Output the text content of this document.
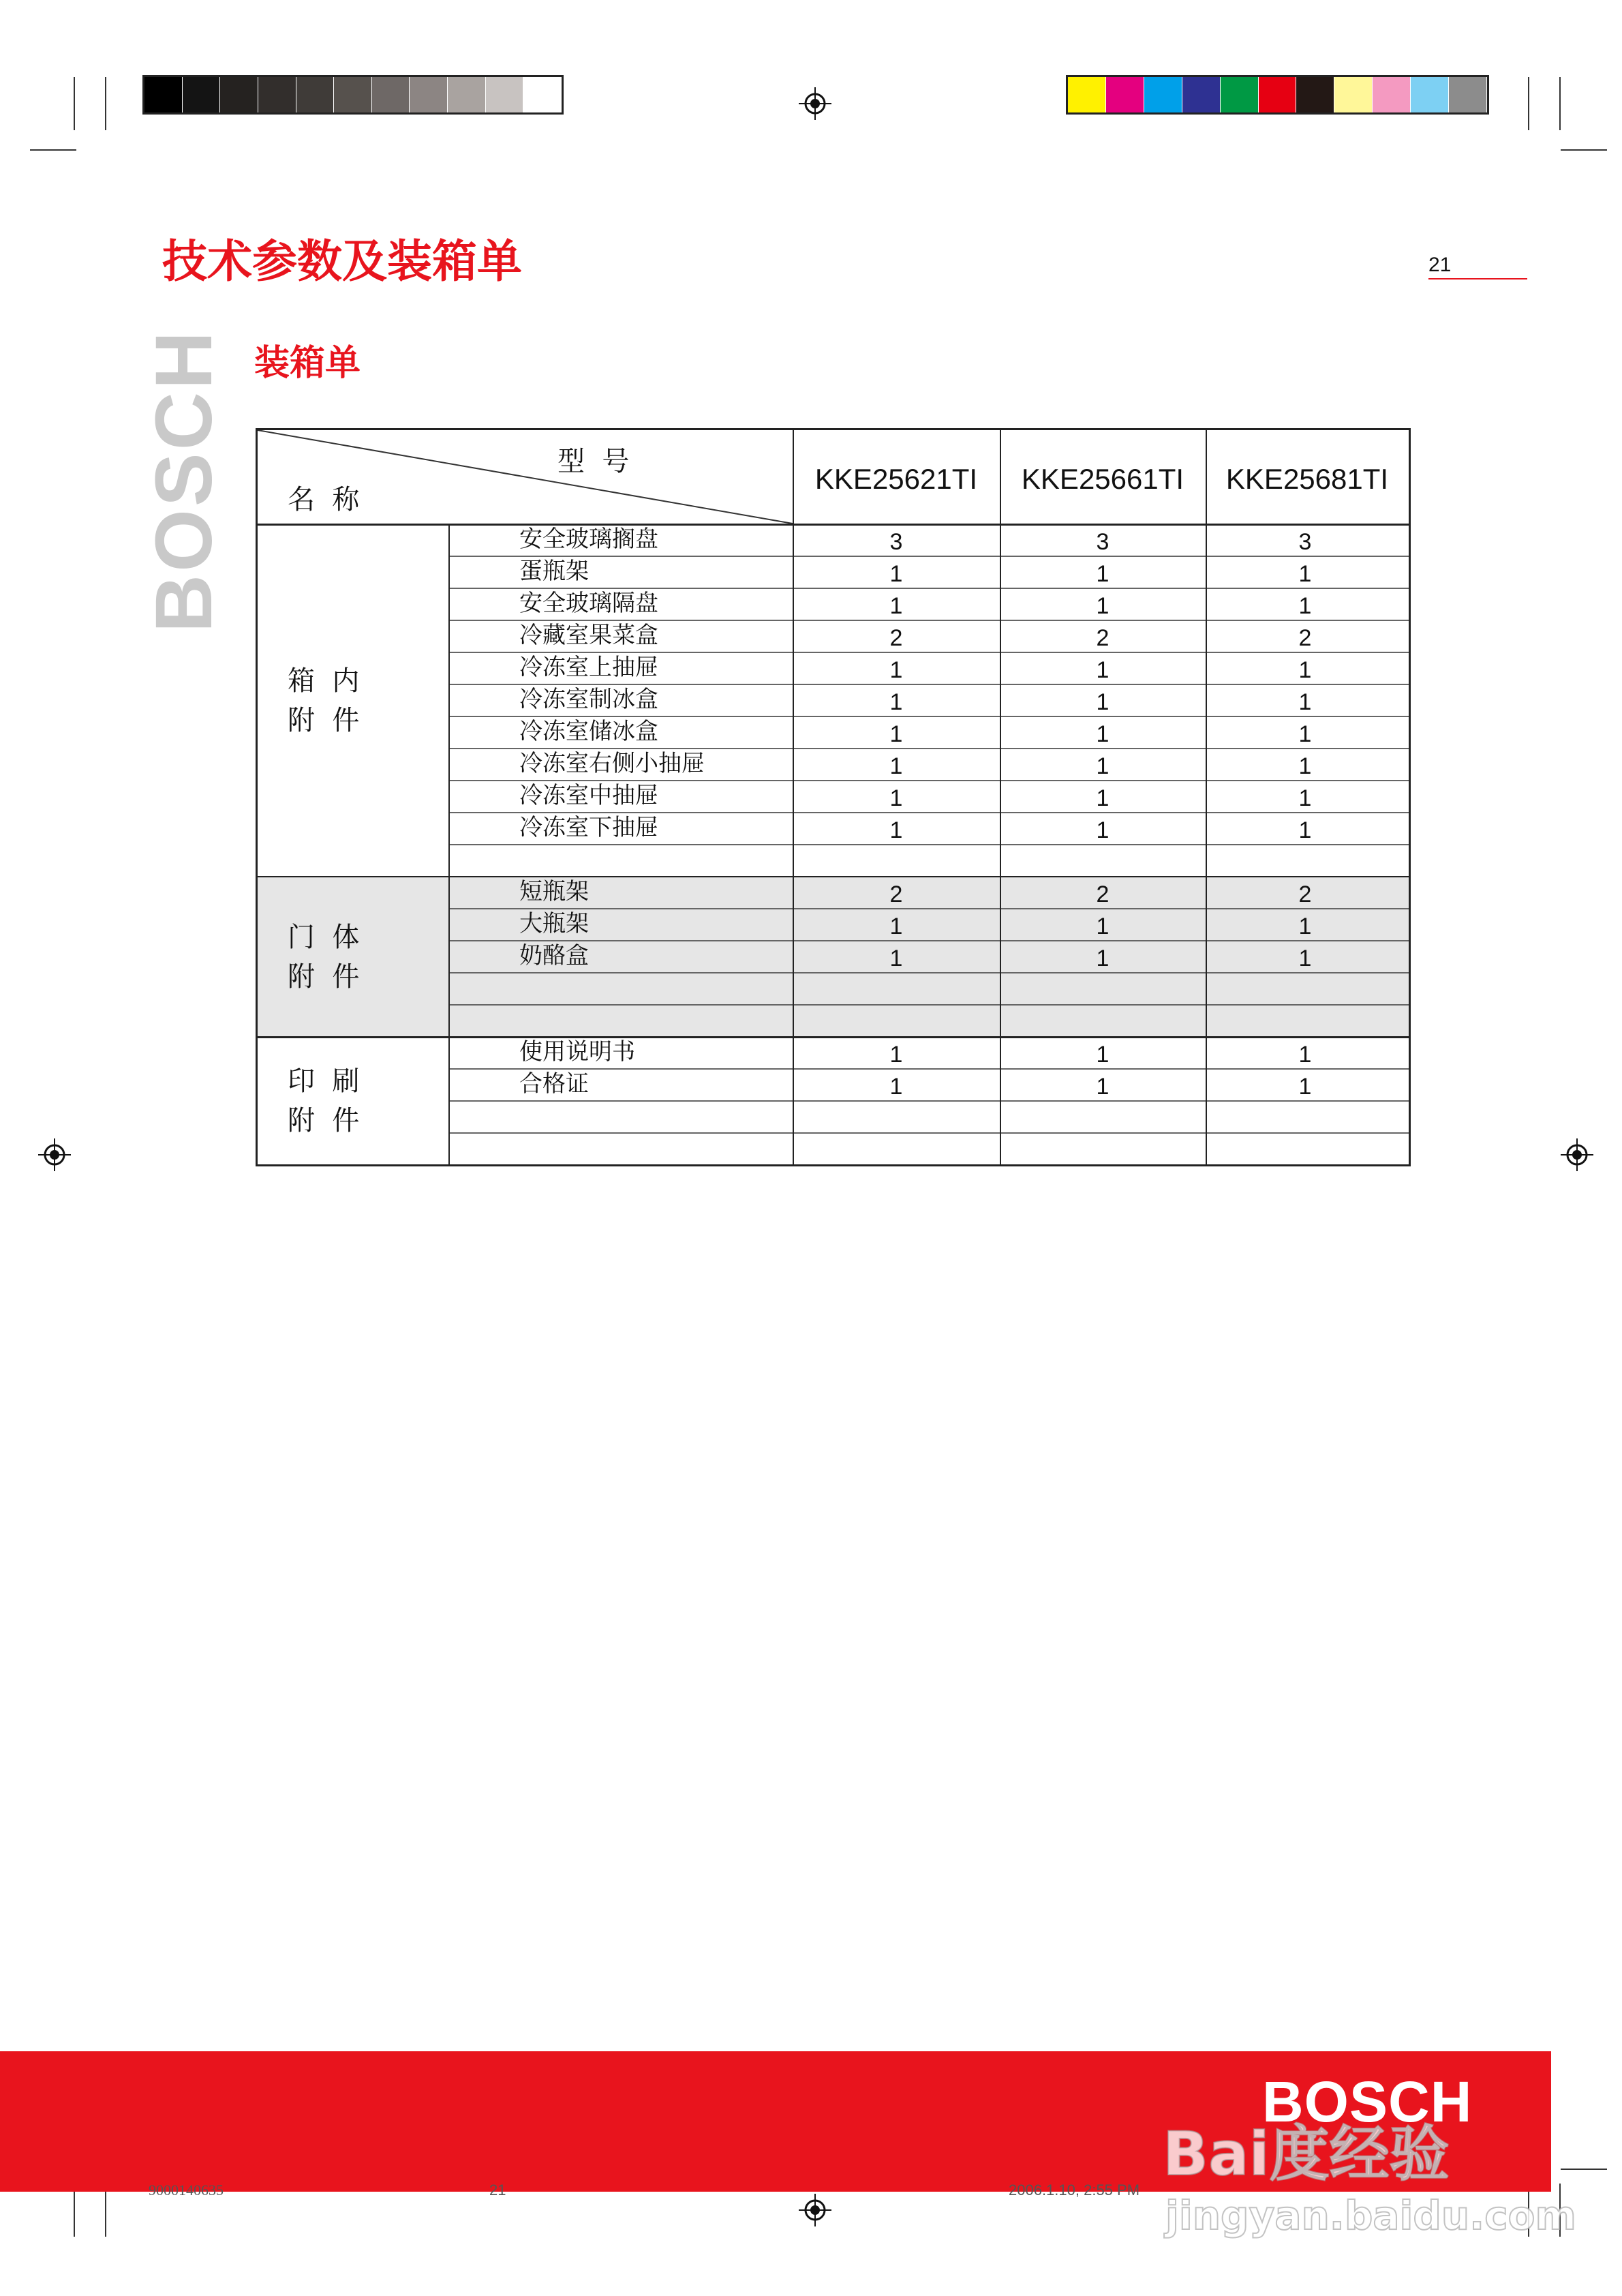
技术参数及装箱单	21
BOSCH 装箱单
型  号
名  称
KKE25621TI	KKE25661TI	KKE25681TI
箱  内
附  件
安全玻璃搁盘	3	3	3
蛋瓶架	1	1	1
安全玻璃隔盘	1	1	1
冷藏室果菜盒	2	2	2
冷冻室上抽屉	1	1	1
冷冻室制冰盒	1	1	1
冷冻室储冰盒	1	1	1
冷冻室右侧小抽屉	1	1	1
冷冻室中抽屉	1	1	1
冷冻室下抽屉	1	1	1
门  体
附  件
短瓶架	2	2	2
大瓶架	1	1	1
奶酪盒	1	1	1
印  刷
附  件
使用说明书	1	1	1
合格证	1	1	1
BOSCH
9000140635	21	2006.1.10, 2:55 PM
Bai度经验
jingyan.baidu.com
